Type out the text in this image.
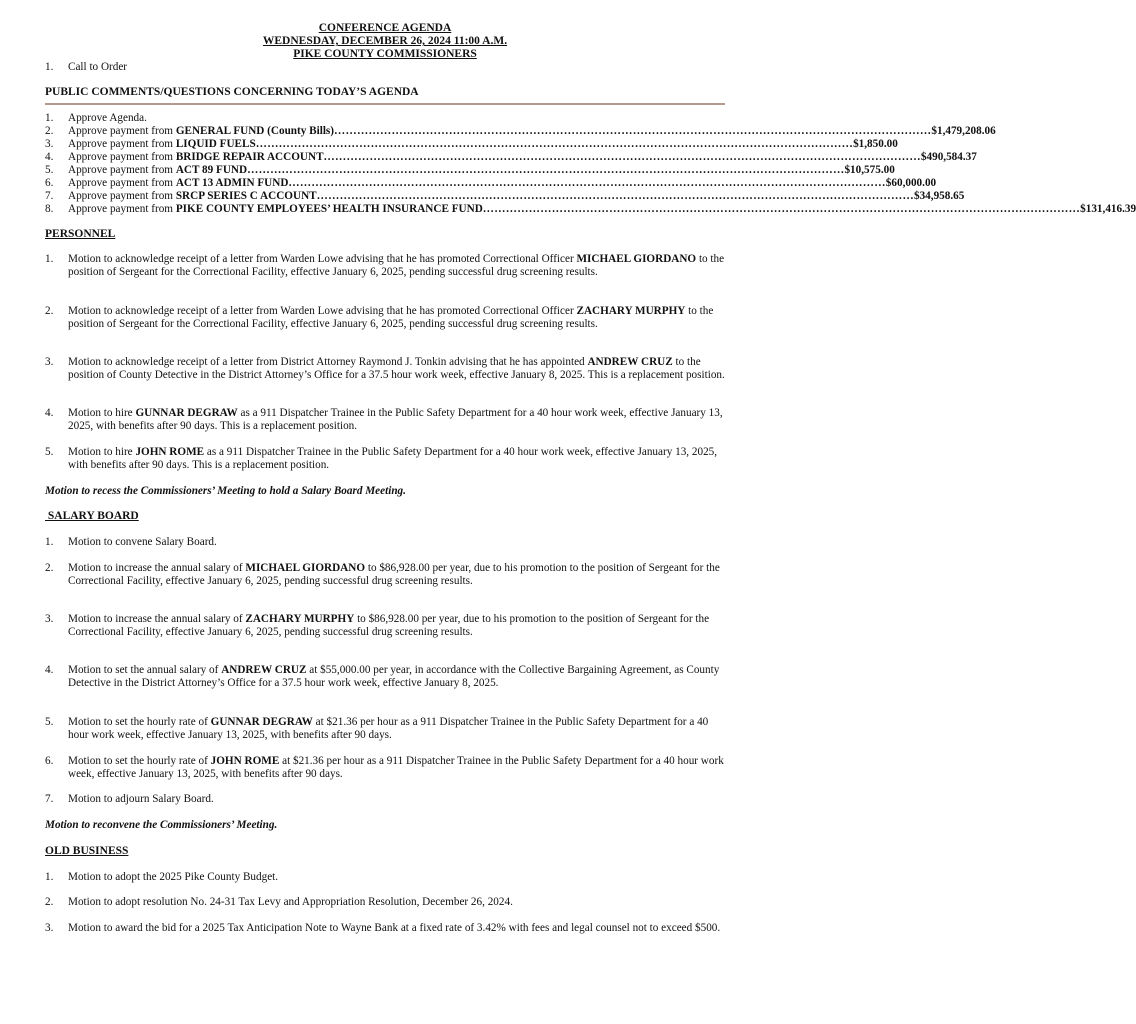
CONFERENCE AGENDA
WEDNESDAY, DECEMBER 26, 2024 11:00 A.M.
PIKE COUNTY COMMISSIONERS
1.	Call to Order
PUBLIC COMMENTS/QUESTIONS CONCERNING TODAY’S AGENDA
1.	Approve Agenda.
2.	Approve payment from GENERAL FUND (County Bills) ………………………………………………………………………………………………………………………………………… $1,479,208.06
3.	Approve payment from LIQUID FUELS ………………………………………………………………………………………………………………………………………… $1,850.00
4.	Approve payment from BRIDGE REPAIR ACCOUNT ………………………………………………………………………………………………………………………………………… $490,584.37
5.	Approve payment from ACT 89 FUND ………………………………………………………………………………………………………………………………………… $10,575.00
6.	Approve payment from ACT 13 ADMIN FUND ………………………………………………………………………………………………………………………………………… $60,000.00
7.	Approve payment from SRCP SERIES C ACCOUNT ………………………………………………………………………………………………………………………………………… $34,958.65
8.	Approve payment from PIKE COUNTY EMPLOYEES’ HEALTH INSURANCE FUND ………………………………………………………………………………………………………………………………………… $131,416.39
PERSONNEL
1.	Motion to acknowledge receipt of a letter from Warden Lowe advising that he has promoted Correctional Officer MICHAEL GIORDANO to the position of Sergeant for the Correctional Facility, effective January 6, 2025, pending successful drug screening results.
2.	Motion to acknowledge receipt of a letter from Warden Lowe advising that he has promoted Correctional Officer ZACHARY MURPHY to the position of Sergeant for the Correctional Facility, effective January 6, 2025, pending successful drug screening results.
3.	Motion to acknowledge receipt of a letter from District Attorney Raymond J. Tonkin advising that he has appointed ANDREW CRUZ to the position of County Detective in the District Attorney’s Office for a 37.5 hour work week, effective January 8, 2025. This is a replacement position.
4.	Motion to hire GUNNAR DEGRAW as a 911 Dispatcher Trainee in the Public Safety Department for a 40 hour work week, effective January 13, 2025, with benefits after 90 days. This is a replacement position.
5.	Motion to hire JOHN ROME as a 911 Dispatcher Trainee in the Public Safety Department for a 40 hour work week, effective January 13, 2025, with benefits after 90 days. This is a replacement position.
Motion to recess the Commissioners’ Meeting to hold a Salary Board Meeting.
SALARY BOARD
1.	Motion to convene Salary Board.
2.	Motion to increase the annual salary of MICHAEL GIORDANO to $86,928.00 per year, due to his promotion to the position of Sergeant for the Correctional Facility, effective January 6, 2025, pending successful drug screening results.
3.	Motion to increase the annual salary of ZACHARY MURPHY to $86,928.00 per year, due to his promotion to the position of Sergeant for the Correctional Facility, effective January 6, 2025, pending successful drug screening results.
4.	Motion to set the annual salary of ANDREW CRUZ at $55,000.00 per year, in accordance with the Collective Bargaining Agreement, as County Detective in the District Attorney’s Office for a 37.5 hour work week, effective January 8, 2025.
5.	Motion to set the hourly rate of GUNNAR DEGRAW at $21.36 per hour as a 911 Dispatcher Trainee in the Public Safety Department for a 40 hour work week, effective January 13, 2025, with benefits after 90 days.
6.	Motion to set the hourly rate of JOHN ROME at $21.36 per hour as a 911 Dispatcher Trainee in the Public Safety Department for a 40 hour work week, effective January 13, 2025, with benefits after 90 days.
7.	Motion to adjourn Salary Board.
Motion to reconvene the Commissioners’ Meeting.
OLD BUSINESS
1.	Motion to adopt the 2025 Pike County Budget.
2.	Motion to adopt resolution No. 24-31 Tax Levy and Appropriation Resolution, December 26, 2024.
3.	Motion to award the bid for a 2025 Tax Anticipation Note to Wayne Bank at a fixed rate of 3.42% with fees and legal counsel not to exceed $500.
